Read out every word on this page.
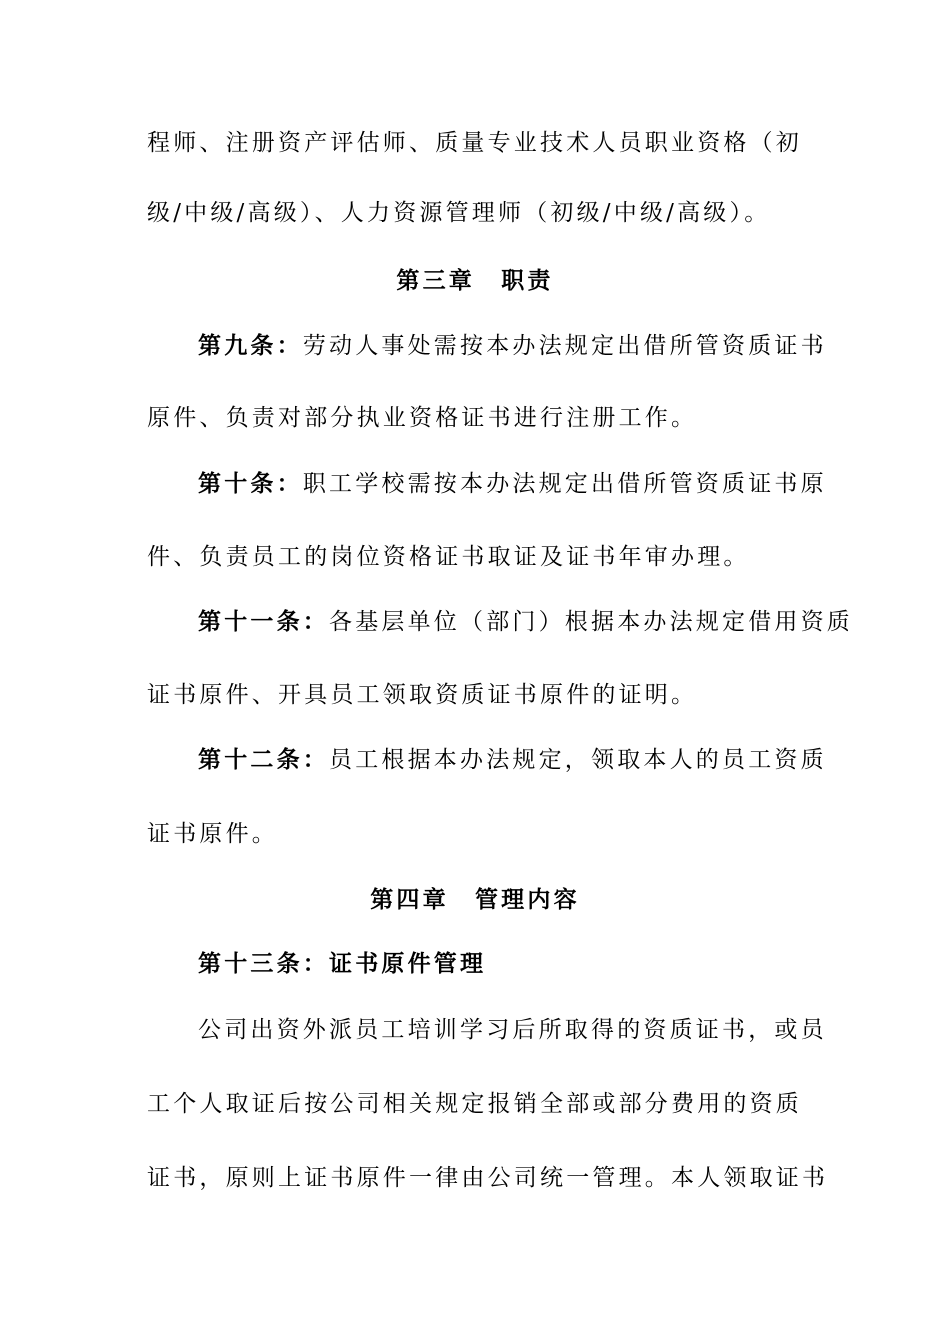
程师、注册资产评估师、质量专业技术人员职业资格（初
级/中级/高级）、人力资源管理师（初级/中级/高级）。
第三章　职责
第九条：劳动人事处需按本办法规定出借所管资质证书
原件、负责对部分执业资格证书进行注册工作。
第十条：职工学校需按本办法规定出借所管资质证书原
件、负责员工的岗位资格证书取证及证书年审办理。
第十一条：各基层单位（部门）根据本办法规定借用资质
证书原件、开具员工领取资质证书原件的证明。
第十二条：员工根据本办法规定，领取本人的员工资质
证书原件。
第四章　管理内容
第十三条：证书原件管理
公司出资外派员工培训学习后所取得的资质证书，或员
工个人取证后按公司相关规定报销全部或部分费用的资质
证书，原则上证书原件一律由公司统一管理。本人领取证书
